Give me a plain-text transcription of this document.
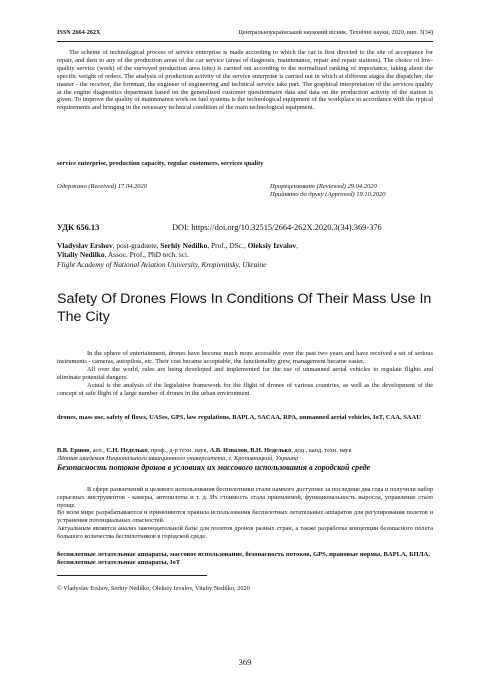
ISSN 2664-262X	Центральноукраїнський науковий вісник. Технічні науки, 2020, вип. 3(34)
The scheme of technological process of service enterprise is made according to which the car is first directed to the site of acceptance for repair, and then to any of the production areas of the car service (areas of diagnosis, maintenance, repair and repair stations). The choice of low-quality service (work) of the surveyed production area (site) is carried out according to the normalized ranking of importance, taking about the specific weight of orders. The analysis of production activity of the service enterprise is carried out in which at different stages the dispatcher, the master - the receiver, the foreman, the engineer of engineering and technical service take part. The graphical interpretation of the services quality at the engine diagnostics department based on the generalized customer questionnaire data and data on the production activity of the station is given. To improve the quality of maintenance work on fuel systems is the technological equipment of the workplace in accordance with the typical requirements and bringing in the necessary technical condition of the main technological equipment.
service enterprise, production capacity, regular customers, services quality
Одержано (Received) 17.04.2020	Прорецензовано (Reviewed) 29.04.2020
Прийнято до друку (Approved) 19.10.2020
УДК 656.13	DOI: https://doi.org/10.32515/2664-262X.2020.3(34).369-376
Vladyslav Ershov, post-graduete, Serhiy Nedilko, Prof., DSc., Oleksiy Izvalov,
Vitaliy Nedilko, Assoc. Prof., PhD tech. sci.
Flight Academy of National Aviation University, Kropivnitsky, Ukraine
Safety Of Drones Flows In Conditions Of Their Mass Use In The City

In the sphere of entertainment, drones have become much more accessible over the past two years and have received a set of serious instruments - cameras, autopilots, etc. Their cost became acceptable, the functionality grew, management became easier.

All over the world, rules are being developed and implemented for the use of unmanned aerial vehicles to regulate flights and eliminate potential dangers.

Actual is the analysis of the legislative framework for the flight of drones of various countries, as well as the development of the concept of safe flight of a large number of drones in the urban environment.

drones, mass use, safety of flows, UASes, GPS, law regulations, BAPLA, SACAA, RPA, unmanned aerial vehicles, IoT, CAA, SAAU
В.В. Ершов, асп., С.Н. Неделько, проф., д-р техн. наук, А.В. Извалов, В.Н. Неделько, доц., канд. техн. наук
Лётная академия Национального авиационного университета, г. Кропивницкий, Украина
Безопасность потоков дронов в условиях их массового использования в городской среде

В сфере развлечений и целевого использования беспилотники стали намного доступнее за последние два года и получили набор серьезных инструментов - камеры, автопилоты и т. д. Их стоимость стала приемлемой, функциональность выросла, управление стало проще.

Во всем мире разрабатываются и применяются правила использования беспилотных летательных аппаратов для регулирования полетов и устранения потенциальных опасностей.

Актуальным является анализ законодательной базы для полетов дронов разных стран, а также разработка концепции безопасного полета большого количества беспилотников в городской среде.

беспилотные летательные аппараты, массовое использование, безопасность потоков, GPS, правовые нормы, BAPLA, БПЛА, беспилотные летательные аппараты, IoT
© Vladyslav Ershov, Serhiy Nedilko, Oleksiy Izvalov, Vitaliy Nedilko, 2020
369
